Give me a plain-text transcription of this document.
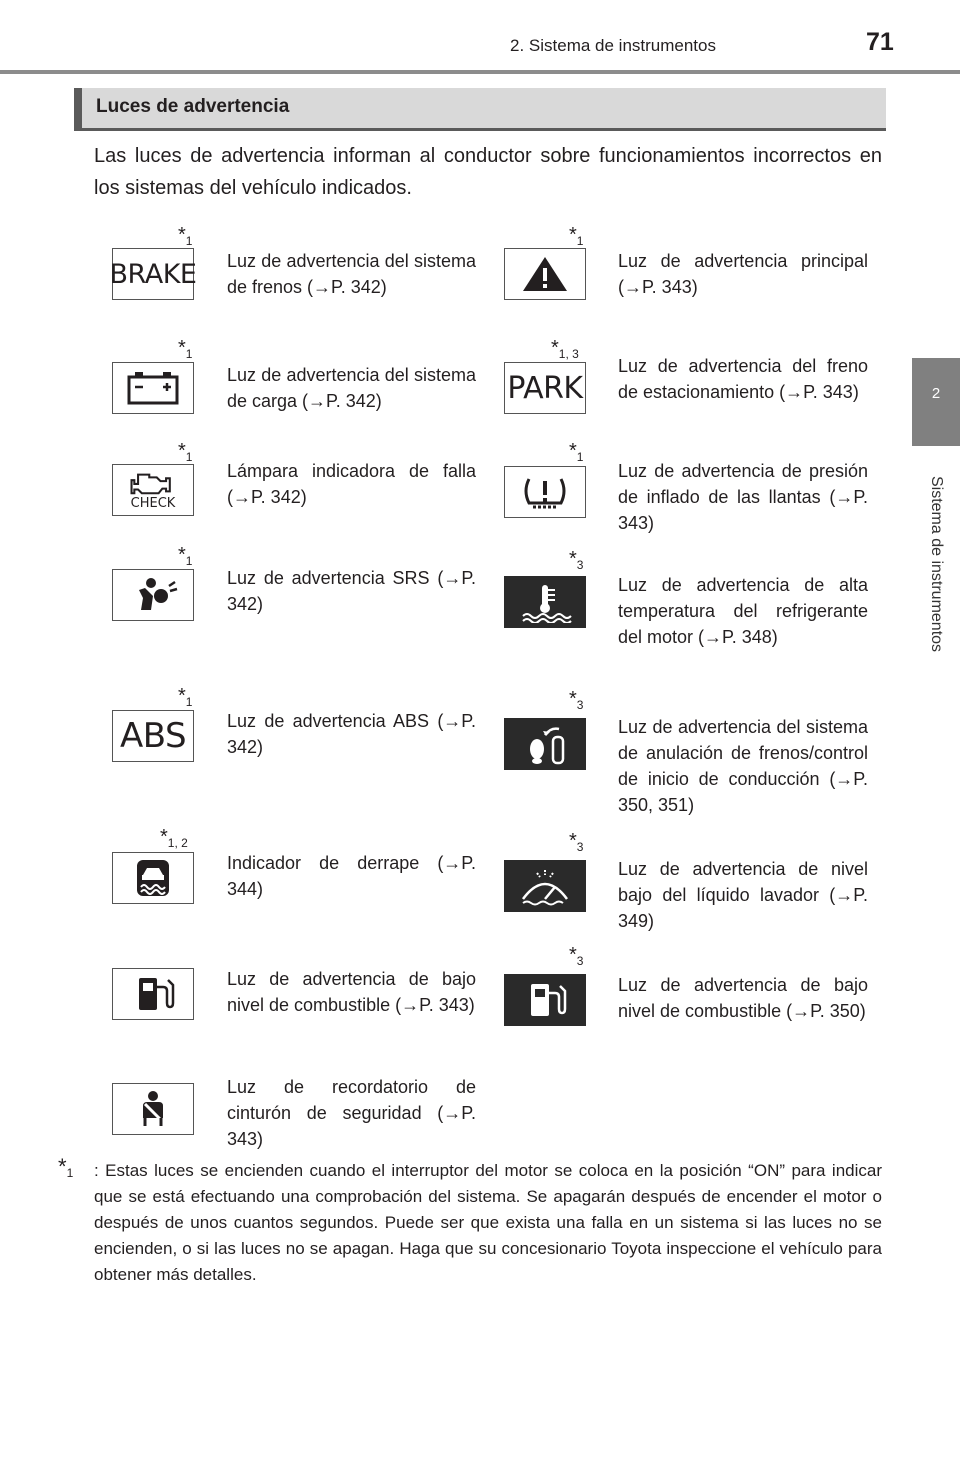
2. Sistema de instrumentos	71
2
Sistema de instrumentos
Luces de advertencia
Las luces de advertencia informan al conductor sobre funcionamientos incorrectos en los sistemas del vehículo indicados.
$*_1$
BRAKE Luz de advertencia del sistema de frenos (→P. 342)
$*_1$
Luz de advertencia del sistema de carga (→P. 342)
$*_1$
CHECK
Lámpara indicadora de falla (→P. 342)
$*_1$
Luz de advertencia SRS (→P. 342)
$*_1$
ABS Luz de advertencia ABS (→P. 342)
$*_{1, 2}$
Indicador de derrape (→P. 344)
Luz de advertencia de bajo nivel de combustible (→P. 343)
Luz de recordatorio de cinturón de seguridad (→P. 343)
$*_1$
Luz de advertencia principal (→P. 343)
$*_{1, 3}$
PARK
Luz de advertencia del freno de estacionamiento (→P. 343)
$*_1$
Luz de advertencia de presión de inflado de las llantas (→P. 343)
$*_3$
Luz de advertencia de alta temperatura del refrigerante del motor (→P. 348)
$*_3$
Luz de advertencia del sistema de anulación de frenos/control de inicio de conducción (→P. 350, 351)
$*_3$
Luz de advertencia de nivel bajo del líquido lavador (→P. 349)
$*_3$
Luz de advertencia de bajo nivel de combustible (→P. 350)
$*_1$ : Estas luces se encienden cuando el interruptor del motor se coloca en la posición “ON” para indicar que se está efectuando una comprobación del sistema. Se apagarán después de encender el motor o después de unos cuantos segundos. Puede ser que exista una falla en un sistema si las luces no se encienden, o si las luces no se apagan. Haga que su concesionario Toyota inspeccione el vehículo para obtener más detalles.
